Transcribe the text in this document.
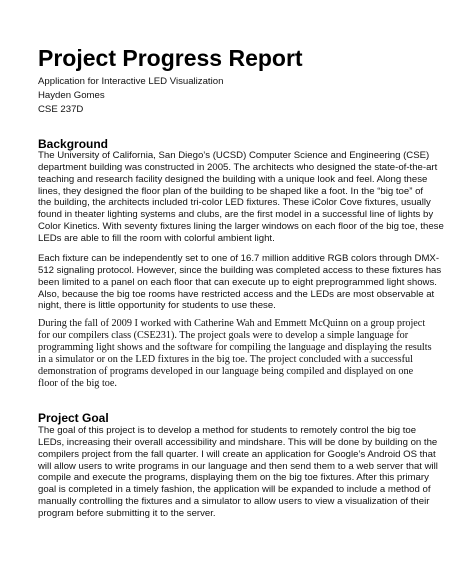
Project Progress Report
Application for Interactive LED Visualization
Hayden Gomes
CSE 237D
Background
The University of California, San Diego’s (UCSD) Computer Science and Engineering (CSE)
department building was constructed in 2005. The architects who designed the state-of-the-art
teaching and research facility designed the building with a unique look and feel. Along these
lines, they designed the floor plan of the building to be shaped like a foot. In the “big toe” of
the building, the architects included tri-color LED fixtures. These iColor Cove fixtures, usually
found in theater lighting systems and clubs, are the first model in a successful line of lights by
Color Kinetics. With seventy fixtures lining the larger windows on each floor of the big toe, these
LEDs are able to fill the room with colorful ambient light.
Each fixture can be independently set to one of 16.7 million additive RGB colors through DMX-
512 signaling protocol. However, since the building was completed access to these fixtures has
been limited to a panel on each floor that can execute up to eight preprogrammed light shows.
Also, because the big toe rooms have restricted access and the LEDs are most observable at
night, there is little opportunity for students to use these.
During the fall of 2009 I worked with Catherine Wah and Emmett McQuinn on a group project
for our compilers class (CSE231). The project goals were to develop a simple language for
programming light shows and the software for compiling the language and displaying the results
in a simulator or on the LED fixtures in the big toe. The project concluded with a successful
demonstration of programs developed in our language being compiled and displayed on one
floor of the big toe.
Project Goal
The goal of this project is to develop a method for students to remotely control the big toe
LEDs, increasing their overall accessibility and mindshare. This will be done by building on the
compilers project from the fall quarter. I will create an application for Google’s Android OS that
will allow users to write programs in our language and then send them to a web server that will
compile and execute the programs, displaying them on the big toe fixtures. After this primary
goal is completed in a timely fashion, the application will be expanded to include a method of
manually controlling the fixtures and a simulator to allow users to view a visualization of their
program before submitting it to the server.
